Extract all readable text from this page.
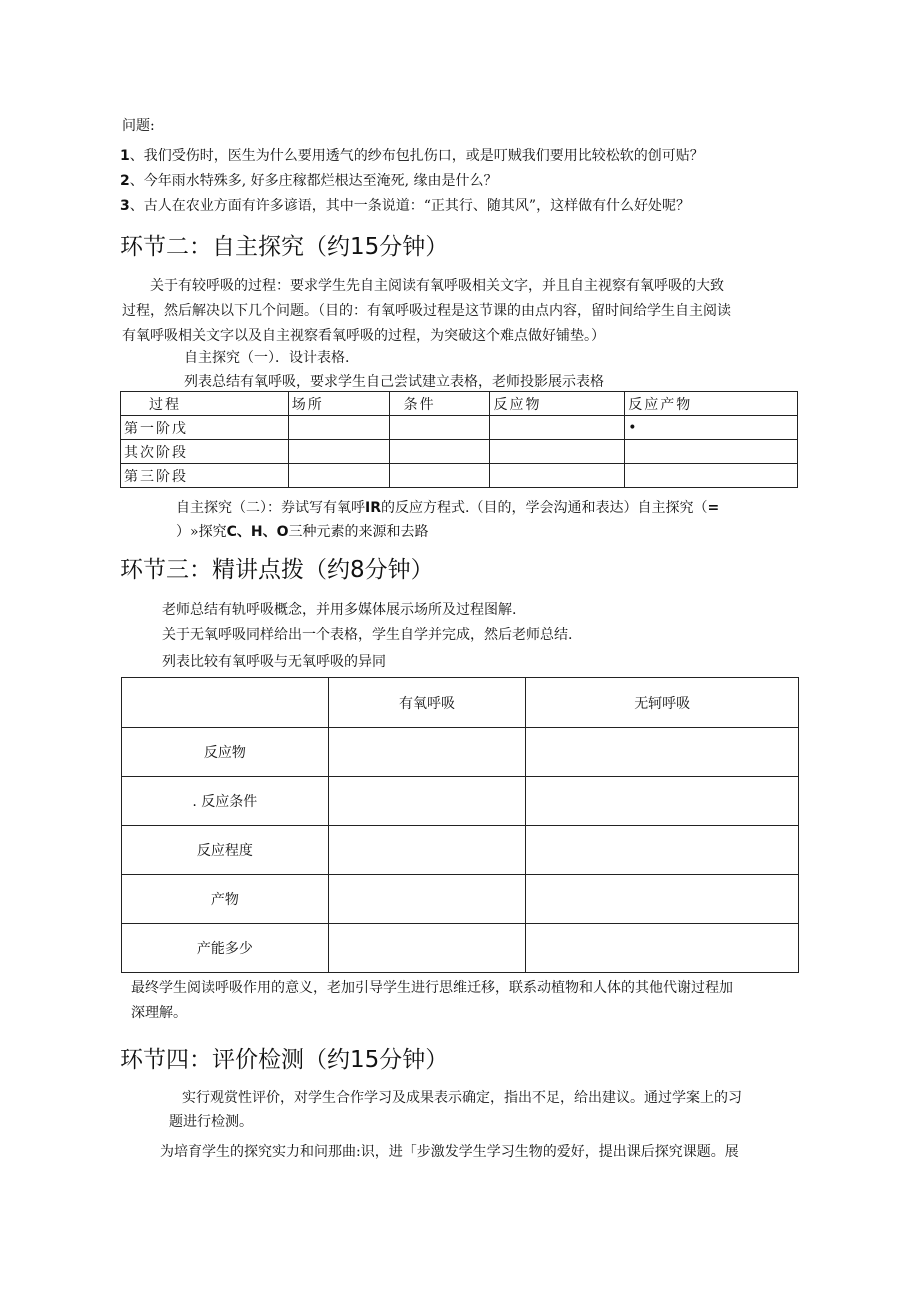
问题:
1、我们受伤时，医生为什么要用透气的纱布包扎伤口，或是叮贼我们要用比较松软的创可贴？
2、今年雨水特殊多, 好多庄稼都烂根达至淹死, 缘由是什么？
3、古人在农业方面有许多谚语，其中一条说道：“正其行、随其风”，这样做有什么好处呢？
环节二：自主探究（约15分钟）
关于有较呼吸的过程：要求学生先自主阅读有氧呼吸相关文字，并且自主视察有氧呼吸的大致
过程，然后解决以下几个问题。（目的：有氧呼吸过程是这节课的由点内容，留时间给学生自主阅读
有氧呼吸相关文字以及自主视察看氧呼吸的过程，为突破这个难点做好铺垫。）
自主探究（一）．设计表格.
列表总结有氧呼吸，要求学生自己尝试建立表格，老师投影展示表格
过程	场所	条件	反应物	反应产物
第一阶戊				•
其次阶段				
第三阶段				
自主探究（二）：券试写有氧呼IR的反应方程式.（目的，学会沟通和表达）自主探究（=
）»探究C、H、O三种元素的来源和去路
环节三：精讲点拨（约8分钟）
老师总结有轨呼吸概念，并用多媒体展示场所及过程图解.
关于无氧呼吸同样给出一个表格，学生自学并完成，然后老师总结.
列表比较有氧呼吸与无氧呼吸的异同
	有氧呼吸	无轲呼吸
反应物		
. 反应条件		
反应程度		
产物		
产能多少		
最终学生阅读呼吸作用的意义，老加引导学生进行思维迁移，联系动植物和人体的其他代谢过程加
深理解。
环节四：评价检测（约15分钟）
实行观赏性评价，对学生合作学习及成果表示确定，指出不足，给出建议。通过学案上的习
题进行检测。
为培育学生的探究实力和问那曲:识，进「步激发学生学习生物的爱好，提出课后探究课题。展
